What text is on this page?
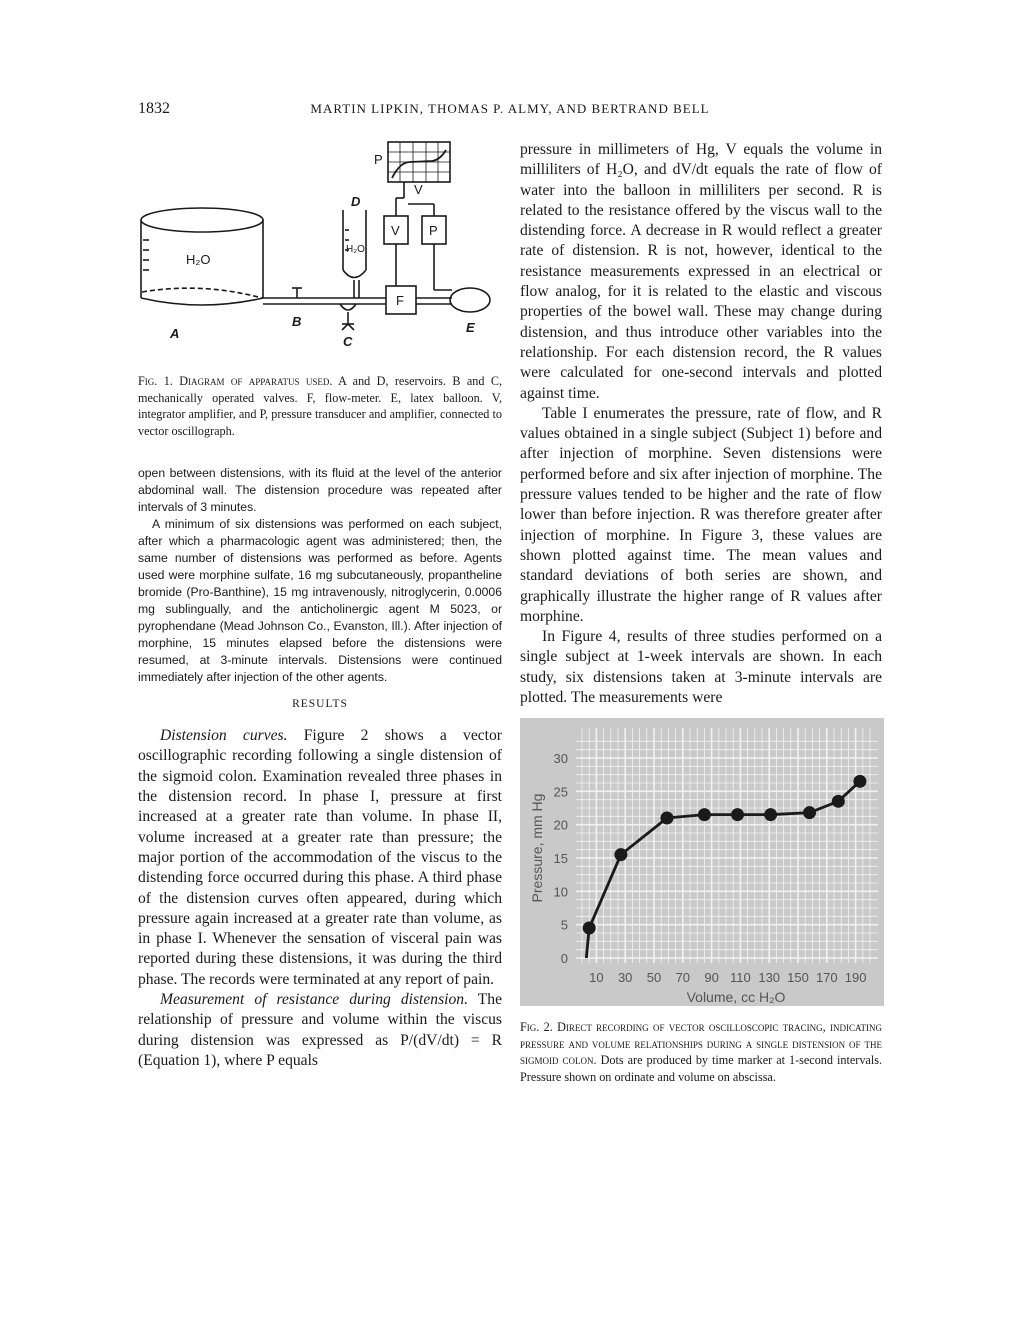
1832	MARTIN LIPKIN, THOMAS P. ALMY, AND BERTRAND BELL
H₂O
A
B
C
D
H₂O
E
F
V P
P
V

Fig. 1. Diagram of apparatus used. A and D, reservoirs. B and C, mechanically operated valves. F, flow-meter. E, latex balloon. V, integrator amplifier, and P, pressure transducer and amplifier, connected to vector oscillograph.

open between distensions, with its fluid at the level of the anterior abdominal wall. The distension procedure was repeated after intervals of 3 minutes.

A minimum of six distensions was performed on each subject, after which a pharmacologic agent was administered; then, the same number of distensions was performed as before. Agents used were morphine sulfate, 16 mg subcutaneously, propantheline bromide (Pro-Banthine), 15 mg intravenously, nitroglycerin, 0.0006 mg sublingually, and the anticholinergic agent M 5023, or pyrophendane (Mead Johnson Co., Evanston, Ill.). After injection of morphine, 15 minutes elapsed before the distensions were resumed, at 3-minute intervals. Distensions were continued immediately after injection of the other agents.

RESULTS

Distension curves. Figure 2 shows a vector oscillographic recording following a single distension of the sigmoid colon. Examination revealed three phases in the distension record. In phase I, pressure at first increased at a greater rate than volume. In phase II, volume increased at a greater rate than pressure; the major portion of the accommodation of the viscus to the distending force occurred during this phase. A third phase of the distension curves often appeared, during which pressure again increased at a greater rate than volume, as in phase I. Whenever the sensation of visceral pain was reported during these distensions, it was during the third phase. The records were terminated at any report of pain.

Measurement of resistance during distension. The relationship of pressure and volume within the viscus during distension was expressed as P/(dV/dt) = R (Equation 1), where P equals

pressure in millimeters of Hg, V equals the volume in milliliters of H₂O, and dV/dt equals the rate of flow of water into the balloon in milliliters per second. R is related to the resistance offered by the viscus wall to the distending force. A decrease in R would reflect a greater rate of distension. R is not, however, identical to the resistance measurements expressed in an electrical or flow analog, for it is related to the elastic and viscous properties of the bowel wall. These may change during distension, and thus introduce other variables into the relationship. For each distension record, the R values were calculated for one-second intervals and plotted against time.

Table I enumerates the pressure, rate of flow, and R values obtained in a single subject (Subject 1) before and after injection of morphine. Seven distensions were performed before and six after injection of morphine. The pressure values tended to be higher and the rate of flow lower than before injection. R was therefore greater after injection of morphine. In Figure 3, these values are shown plotted against time. The mean values and standard deviations of both series are shown, and graphically illustrate the higher range of R values after morphine.

In Figure 4, results of three studies performed on a single subject at 1-week intervals are shown. In each study, six distensions taken at 3-minute intervals are plotted. The measurements were

10 30 50 70 90 110 130 150 170 190
0
5
10
15
20
25
30
Pressure, mm Hg
Volume, cc H₂O

Fig. 2. Direct recording of vector oscilloscopic tracing, indicating pressure and volume relationships during a single distension of the sigmoid colon. Dots are produced by time marker at 1-second intervals. Pressure shown on ordinate and volume on abscissa.
